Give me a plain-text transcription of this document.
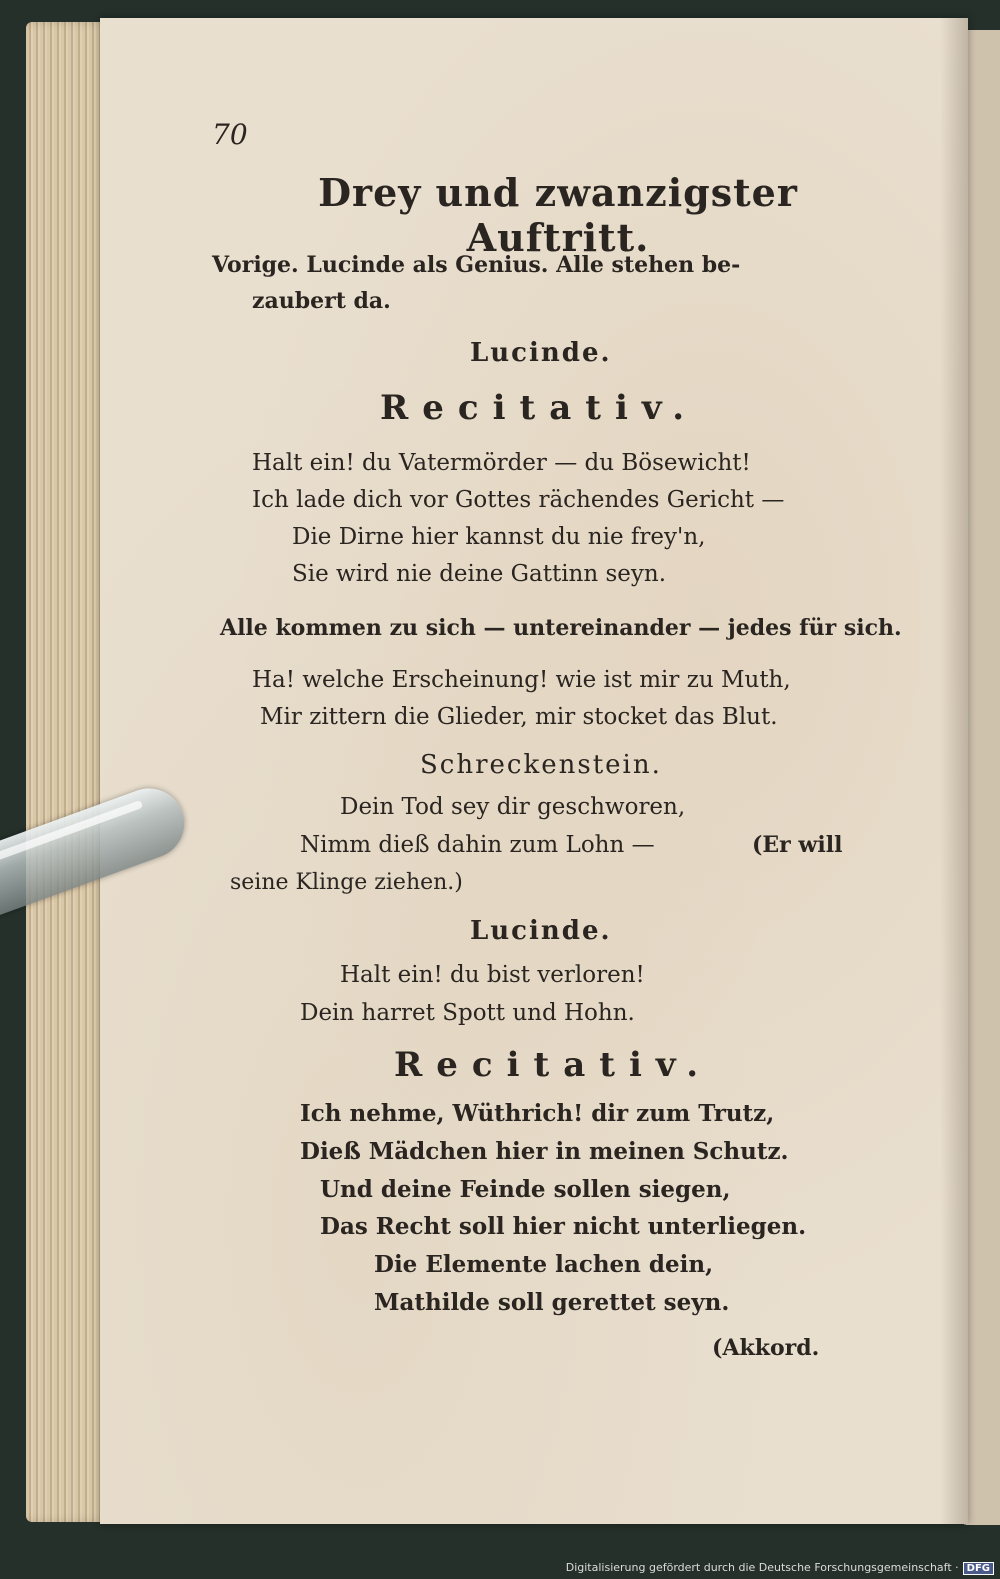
70
Drey und zwanzigster Auftritt.
Vorige. Lucinde als Genius. Alle stehen be-
zaubert da.
Lucinde.
Recitativ.
Halt ein! du Vatermörder — du Bösewicht!
Ich lade dich vor Gottes rächendes Gericht —
Die Dirne hier kannst du nie frey'n,
Sie wird nie deine Gattinn seyn.
Alle kommen zu sich — untereinander — jedes für sich.
Ha! welche Erscheinung! wie ist mir zu Muth,
Mir zittern die Glieder, mir stocket das Blut.
Schreckenstein.
Dein Tod sey dir geschworen,
Nimm dieß dahin zum Lohn —	(Er will
seine Klinge ziehen.)
Lucinde.
Halt ein! du bist verloren!
Dein harret Spott und Hohn.
Recitativ.
Ich nehme, Wüthrich! dir zum Trutz,
Dieß Mädchen hier in meinen Schutz.
Und deine Feinde sollen siegen,
Das Recht soll hier nicht unterliegen.
Die Elemente lachen dein,
Mathilde soll gerettet seyn.
(Akkord.
Digitalisierung gefördert durch die Deutsche Forschungsgemeinschaft · DFG
